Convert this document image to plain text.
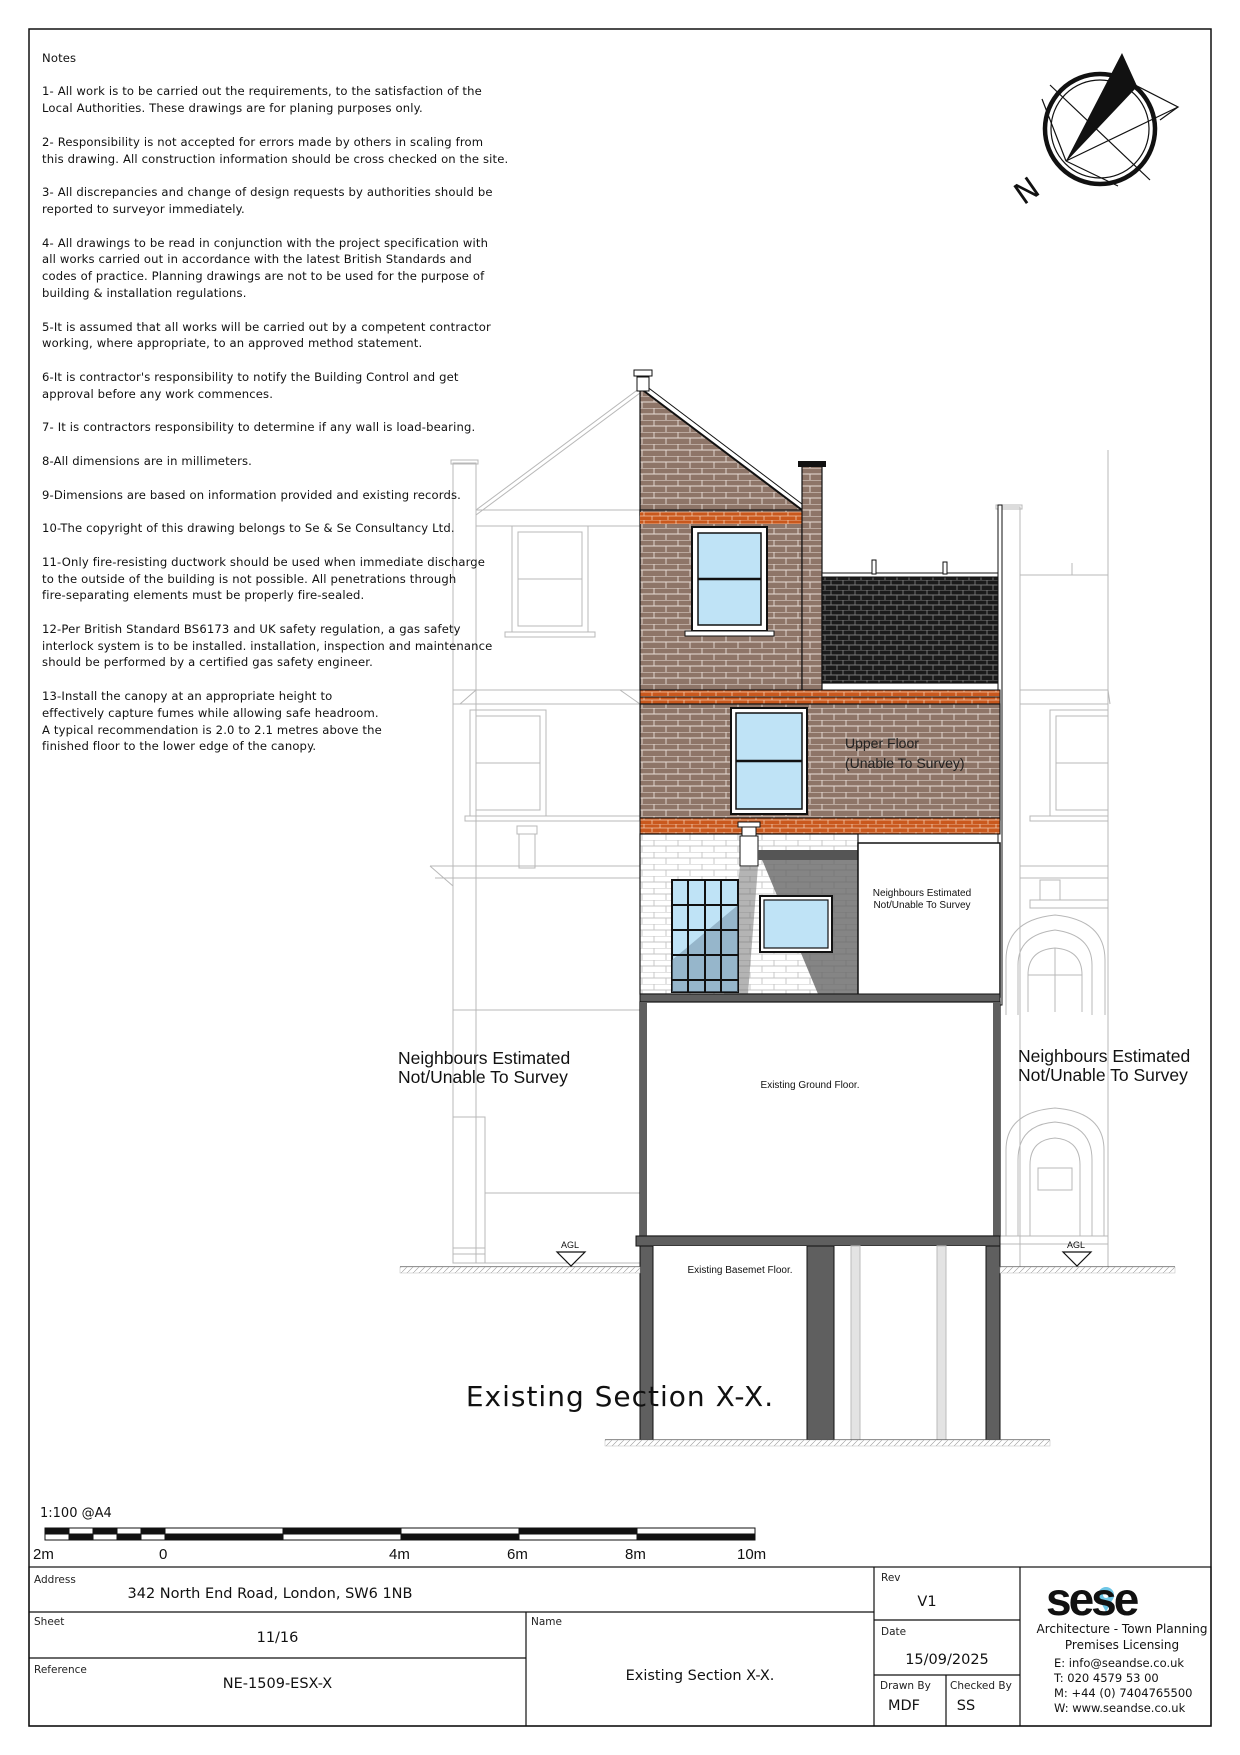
Notes

1- All work is to be carried out the requirements, to the satisfaction of the
Local Authorities. These drawings are for planing purposes only.

2- Responsibility is not accepted for errors made by others in scaling from
this drawing. All construction information should be cross checked on the site.

3- All discrepancies and change of design requests by authorities should be
reported to surveyor immediately.

4- All drawings to be read in conjunction with the project specification with
all works carried out in accordance with the latest British Standards and
codes of practice. Planning drawings are not to be used for the purpose of
building & installation regulations.

5-It is assumed that all works will be carried out by a competent contractor
working, where appropriate, to an approved method statement.

6-It is contractor's responsibility to notify the Building Control and get
approval before any work commences.

7- It is contractors responsibility to determine if any wall is load-bearing.

8-All dimensions are in millimeters.

9-Dimensions are based on information provided and existing records.

10-The copyright of this drawing belongs to Se & Se Consultancy Ltd.

11-Only fire-resisting ductwork should be used when immediate discharge
to the outside of the building is not possible. All penetrations through
fire-separating elements must be properly fire-sealed.

12-Per British Standard BS6173 and UK safety regulation, a gas safety
interlock system is to be installed. installation, inspection and maintenance
should be performed by a certified gas safety engineer.

13-Install the canopy at an appropriate height to
effectively capture fumes while allowing safe headroom.
A typical recommendation is 2.0 to 2.1 metres above the
finished floor to the lower edge of the canopy.

N
Upper Floor
(Unable To Survey)
Neighbours Estimated
Not/Unable To Survey
Neighbours Estimated
Not/Unable To Survey
Neighbours Estimated
Not/Unable To Survey
Existing Ground Floor.
Existing Basemet Floor.
AGL	AGL
Existing Section X-X.
1:100 @A4
2m	0	4m	6m	8m	10m
Address
342 North End Road, London, SW6 1NB
Sheet
11/16
Reference
NE-1509-ESX-X
Name
Existing Section X-X.
Rev
V1
Date
15/09/2025
Drawn By
MDF
Checked By
SS
sese
Architecture - Town Planning
Premises Licensing
E: info@seandse.co.uk
T: 020 4579 53 00
M: +44 (0) 7404765500
W: www.seandse.co.uk
